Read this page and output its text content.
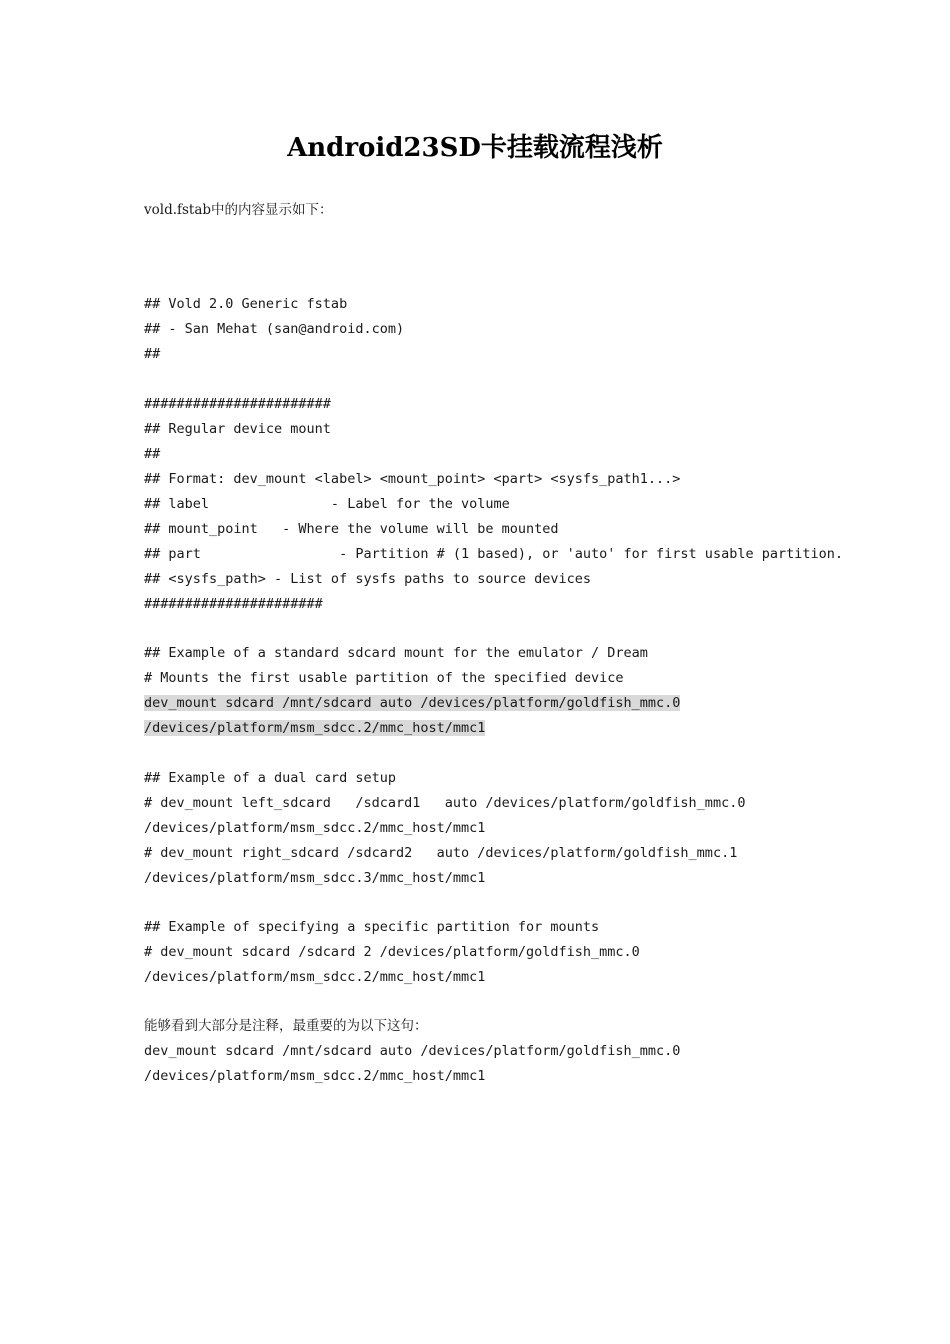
Android23SD卡挂载流程浅析
vold.fstab中的内容显示如下：
## Vold 2.0 Generic fstab
## - San Mehat (san@android.com)
##
#######################
## Regular device mount
##
## Format: dev_mount <label> <mount_point> <part> <sysfs_path1...>
## label               - Label for the volume
## mount_point   - Where the volume will be mounted
## part                 - Partition # (1 based), or 'auto' for first usable partition.
## <sysfs_path> - List of sysfs paths to source devices
######################
## Example of a standard sdcard mount for the emulator / Dream
# Mounts the first usable partition of the specified device
dev_mount sdcard /mnt/sdcard auto /devices/platform/goldfish_mmc.0
/devices/platform/msm_sdcc.2/mmc_host/mmc1
## Example of a dual card setup
# dev_mount left_sdcard   /sdcard1   auto /devices/platform/goldfish_mmc.0
/devices/platform/msm_sdcc.2/mmc_host/mmc1
# dev_mount right_sdcard /sdcard2   auto /devices/platform/goldfish_mmc.1
/devices/platform/msm_sdcc.3/mmc_host/mmc1
## Example of specifying a specific partition for mounts
# dev_mount sdcard /sdcard 2 /devices/platform/goldfish_mmc.0
/devices/platform/msm_sdcc.2/mmc_host/mmc1
能够看到大部分是注释，最重要的为以下这句：
dev_mount sdcard /mnt/sdcard auto /devices/platform/goldfish_mmc.0
/devices/platform/msm_sdcc.2/mmc_host/mmc1
